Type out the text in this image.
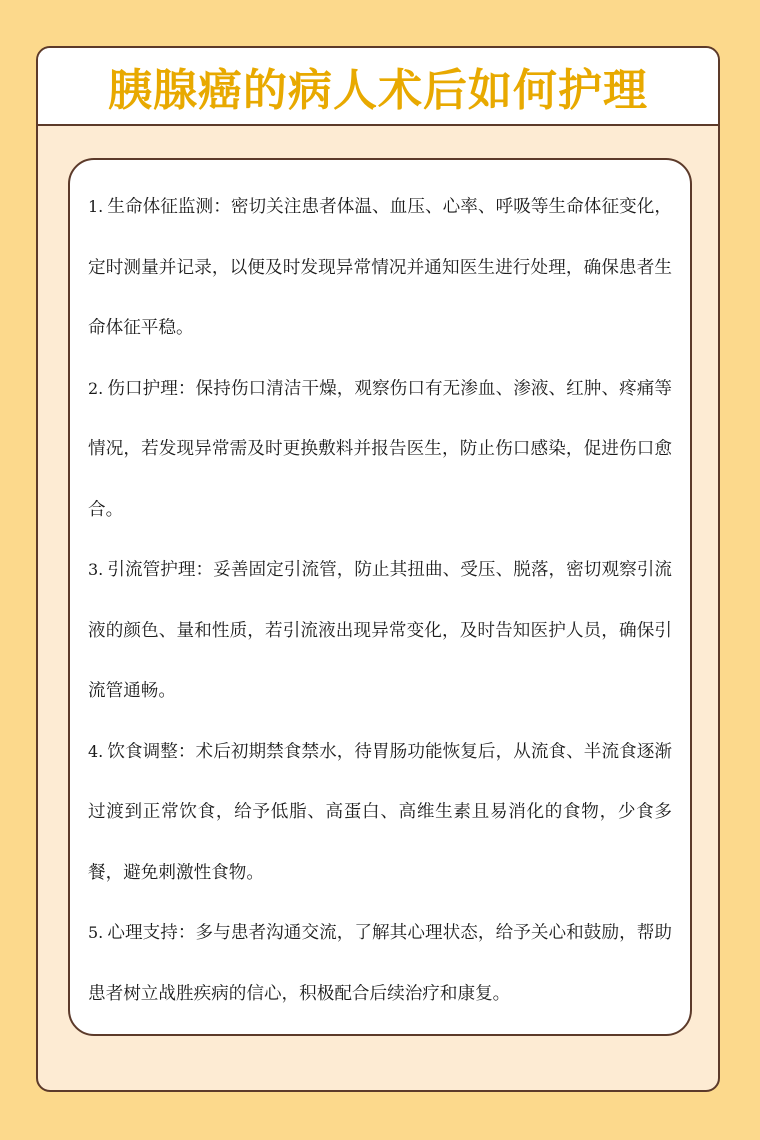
胰腺癌的病人术后如何护理

1. 生命体征监测：密切关注患者体温、血压、心率、呼吸等生命体征变化，定时测量并记录，以便及时发现异常情况并通知医生进行处理，确保患者生命体征平稳。

2. 伤口护理：保持伤口清洁干燥，观察伤口有无渗血、渗液、红肿、疼痛等情况，若发现异常需及时更换敷料并报告医生，防止伤口感染，促进伤口愈合。

3. 引流管护理：妥善固定引流管，防止其扭曲、受压、脱落，密切观察引流液的颜色、量和性质，若引流液出现异常变化，及时告知医护人员，确保引流管通畅。

4. 饮食调整：术后初期禁食禁水，待胃肠功能恢复后，从流食、半流食逐渐过渡到正常饮食，给予低脂、高蛋白、高维生素且易消化的食物，少食多餐，避免刺激性食物。

5. 心理支持：多与患者沟通交流，了解其心理状态，给予关心和鼓励，帮助患者树立战胜疾病的信心，积极配合后续治疗和康复。
